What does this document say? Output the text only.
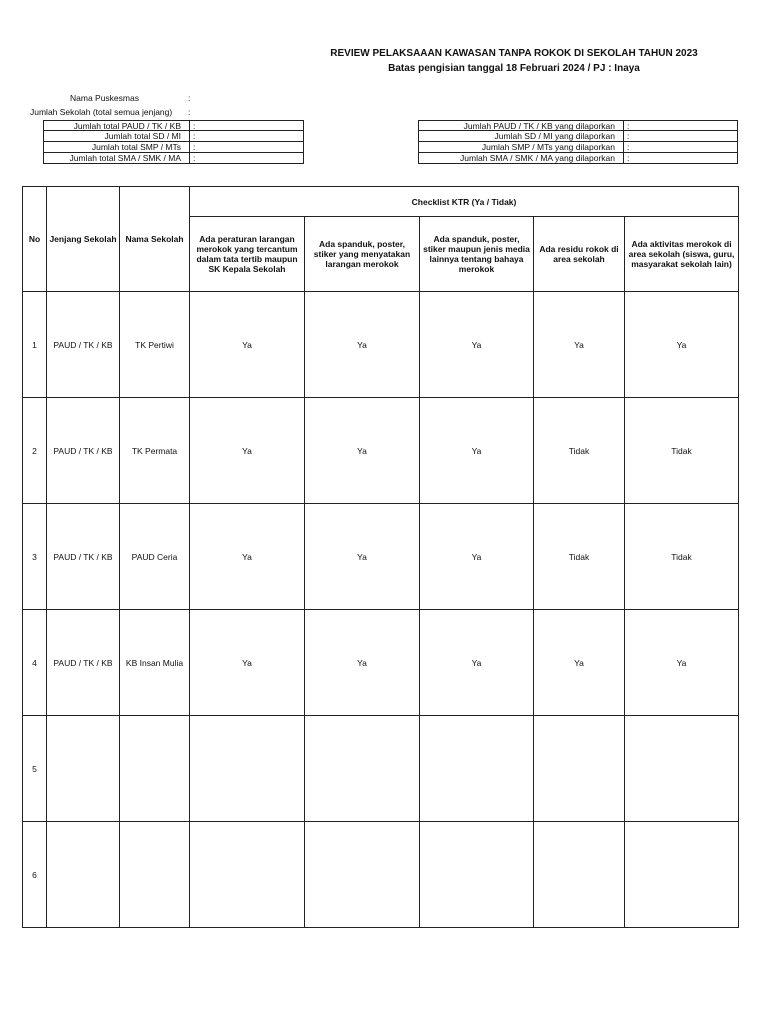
REVIEW PELAKSAAAN KAWASAN TANPA ROKOK DI SEKOLAH TAHUN 2023
Batas pengisian tanggal 18 Februari 2024 / PJ : Inaya
Nama Puskesmas	:
Jumlah Sekolah (total semua jenjang) :
Jumlah total PAUD / TK / KB	:
Jumlah total SD / MI	:
Jumlah total SMP / MTs	:
Jumlah total SMA / SMK / MA	:
Jumlah PAUD / TK / KB yang dilaporkan	:
Jumlah SD / MI yang dilaporkan	:
Jumlah SMP / MTs yang dilaporkan	:
Jumlah SMA / SMK / MA yang dilaporkan	:
No	Jenjang Sekolah	Nama Sekolah	Checklist KTR (Ya / Tidak)				
			Ada peraturan larangan merokok yang tercantum dalam tata tertib maupun SK Kepala Sekolah	Ada spanduk, poster, stiker yang menyatakan larangan merokok	Ada spanduk, poster, stiker maupun jenis media lainnya tentang bahaya merokok	Ada residu rokok di area sekolah	Ada aktivitas merokok di area sekolah (siswa, guru, masyarakat sekolah lain)
1	PAUD / TK / KB	TK Pertiwi	Ya	Ya	Ya	Ya	Ya
2	PAUD / TK / KB	TK Permata	Ya	Ya	Ya	Tidak	Tidak
3	PAUD / TK / KB	PAUD Ceria	Ya	Ya	Ya	Tidak	Tidak
4	PAUD / TK / KB	KB Insan Mulia	Ya	Ya	Ya	Ya	Ya
5							
6							
